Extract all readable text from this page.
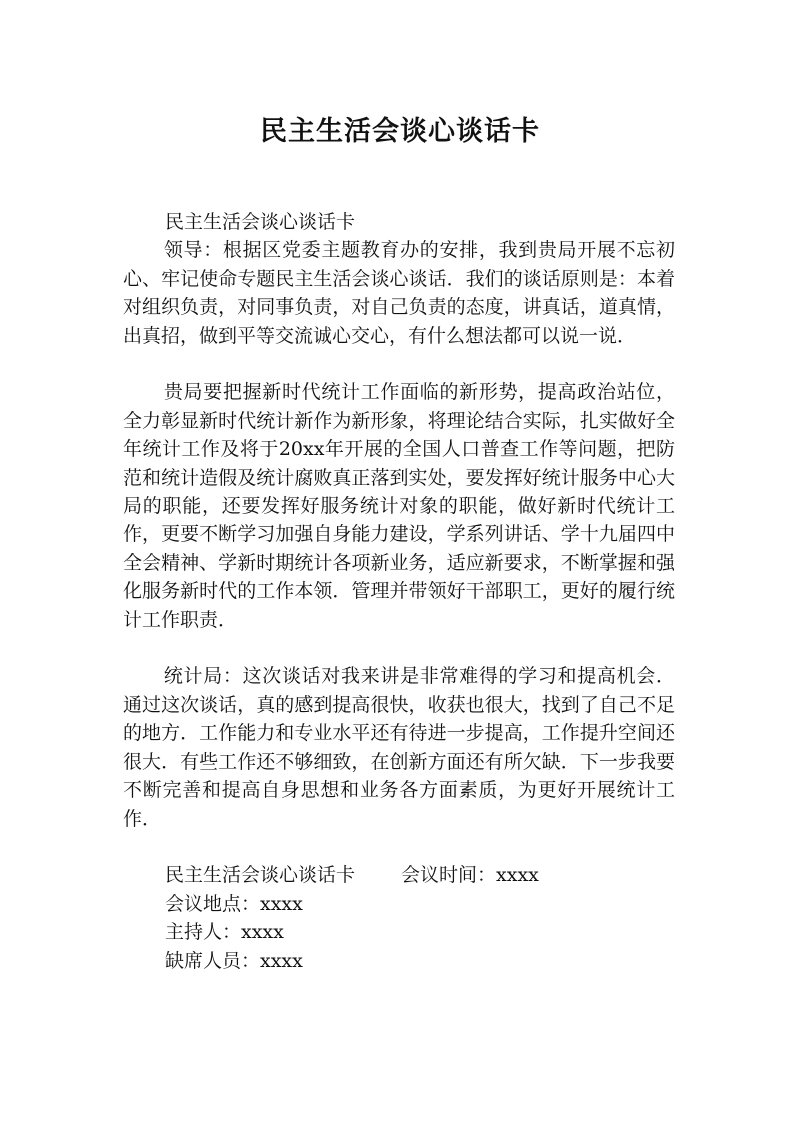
民主生活会谈心谈话卡
民主生活会谈心谈话卡

领导：根据区党委主题教育办的安排，我到贵局开展不忘初心、牢记使命专题民主生活会谈心谈话．我们的谈话原则是：本着对组织负责，对同事负责，对自己负责的态度，讲真话，道真情，出真招，做到平等交流诚心交心，有什么想法都可以说一说．

贵局要把握新时代统计工作面临的新形势，提高政治站位，全力彰显新时代统计新作为新形象，将理论结合实际，扎实做好全年统计工作及将于20xx年开展的全国人口普查工作等问题，把防范和统计造假及统计腐败真正落到实处，要发挥好统计服务中心大局的职能，还要发挥好服务统计对象的职能，做好新时代统计工作，更要不断学习加强自身能力建设，学系列讲话、学十九届四中全会精神、学新时期统计各项新业务，适应新要求，不断掌握和强化服务新时代的工作本领．管理并带领好干部职工，更好的履行统计工作职责．

统计局：这次谈话对我来讲是非常难得的学习和提高机会．通过这次谈话，真的感到提高很快，收获也很大，找到了自己不足的地方．工作能力和专业水平还有待进一步提高，工作提升空间还很大．有些工作还不够细致，在创新方面还有所欠缺．下一步我要不断完善和提高自身思想和业务各方面素质，为更好开展统计工作．

民主生活会谈心谈话卡 会议时间：xxxx
会议地点：xxxx
主持人：xxxx
缺席人员：xxxx
